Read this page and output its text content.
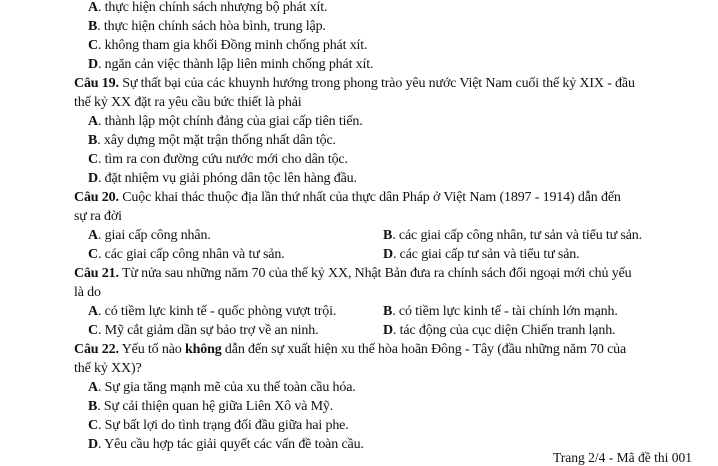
A. thực hiện chính sách nhượng bộ phát xít.
B. thực hiện chính sách hòa bình, trung lập.
C. không tham gia khối Đồng minh chống phát xít.
D. ngăn cản việc thành lập liên minh chống phát xít.
Câu 19. Sự thất bại của các khuynh hướng trong phong trào yêu nước Việt Nam cuối thế kỷ XIX - đầu
thế kỷ XX đặt ra yêu cầu bức thiết là phải
A. thành lập một chính đảng của giai cấp tiên tiến.
B. xây dựng một mặt trận thống nhất dân tộc.
C. tìm ra con đường cứu nước mới cho dân tộc.
D. đặt nhiệm vụ giải phóng dân tộc lên hàng đầu.
Câu 20. Cuộc khai thác thuộc địa lần thứ nhất của thực dân Pháp ở Việt Nam (1897 - 1914) dẫn đến
sự ra đời
A. giai cấp công nhân.	B. các giai cấp công nhân, tư sản và tiểu tư sản.
C. các giai cấp công nhân và tư sản.	D. các giai cấp tư sản và tiểu tư sản.
Câu 21. Từ nửa sau những năm 70 của thế kỷ XX, Nhật Bản đưa ra chính sách đối ngoại mới chủ yếu
là do
A. có tiềm lực kinh tế - quốc phòng vượt trội.	B. có tiềm lực kinh tế - tài chính lớn mạnh.
C. Mỹ cắt giảm dần sự bảo trợ về an ninh.	D. tác động của cục diện Chiến tranh lạnh.
Câu 22. Yếu tố nào không dẫn đến sự xuất hiện xu thế hòa hoãn Đông - Tây (đầu những năm 70 của
thế kỷ XX)?
A. Sự gia tăng mạnh mẽ của xu thế toàn cầu hóa.
B. Sự cải thiện quan hệ giữa Liên Xô và Mỹ.
C. Sự bất lợi do tình trạng đối đầu giữa hai phe.
D. Yêu cầu hợp tác giải quyết các vấn đề toàn cầu.
Trang 2/4 - Mã đề thi 001
